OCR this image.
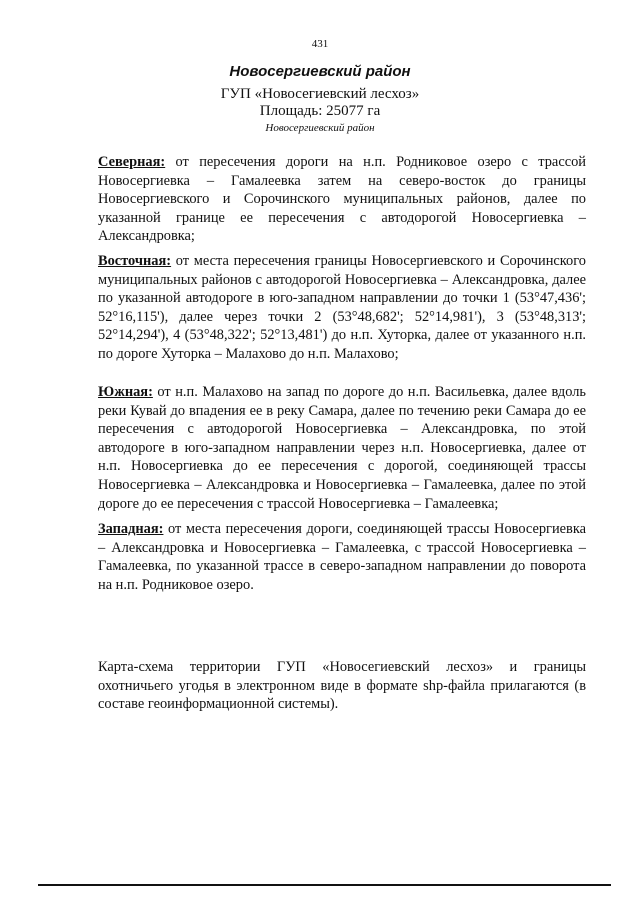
431
Новосергиевский район
ГУП «Новосегиевский лесхоз»
Площадь: 25077 га
Новосергиевский район
Северная: от пересечения дороги на н.п. Родниковое озеро с трассой Новосергиевка – Гамалеевка затем на северо-восток до границы Новосергиевского и Сорочинского муниципальных районов, далее по указанной границе ее пересечения с автодорогой Новосергиевка – Александровка;
Восточная: от места пересечения границы Новосергиевского и Сорочинского муниципальных районов с автодорогой Новосергиевка – Александровка, далее по указанной автодороге в юго-западном направлении до точки 1 (53°47,436'; 52°16,115'), далее через точки 2 (53°48,682'; 52°14,981'), 3 (53°48,313'; 52°14,294'), 4 (53°48,322'; 52°13,481') до н.п. Хуторка, далее от указанного н.п. по дороге Хуторка – Малахово до н.п. Малахово;
Южная: от н.п. Малахово на запад по дороге до н.п. Васильевка, далее вдоль реки Кувай до впадения ее в реку Самара, далее по течению реки Самара до ее пересечения с автодорогой Новосергиевка – Александровка, по этой автодороге в юго-западном направлении через н.п. Новосергиевка, далее от н.п. Новосергиевка до ее пересечения с дорогой, соединяющей трассы Новосергиевка – Александровка и Новосергиевка – Гамалеевка, далее по этой дороге до ее пересечения с трассой Новосергиевка – Гамалеевка;
Западная: от места пересечения дороги, соединяющей трассы Новосергиевка – Александровка и Новосергиевка – Гамалеевка, с трассой Новосергиевка – Гамалеевка, по указанной трассе в северо-западном направлении до поворота на н.п. Родниковое озеро.
Карта-схема территории ГУП «Новосегиевский лесхоз» и границы охотничьего угодья в электронном виде в формате shp-файла прилагаются (в составе геоинформационной системы).
